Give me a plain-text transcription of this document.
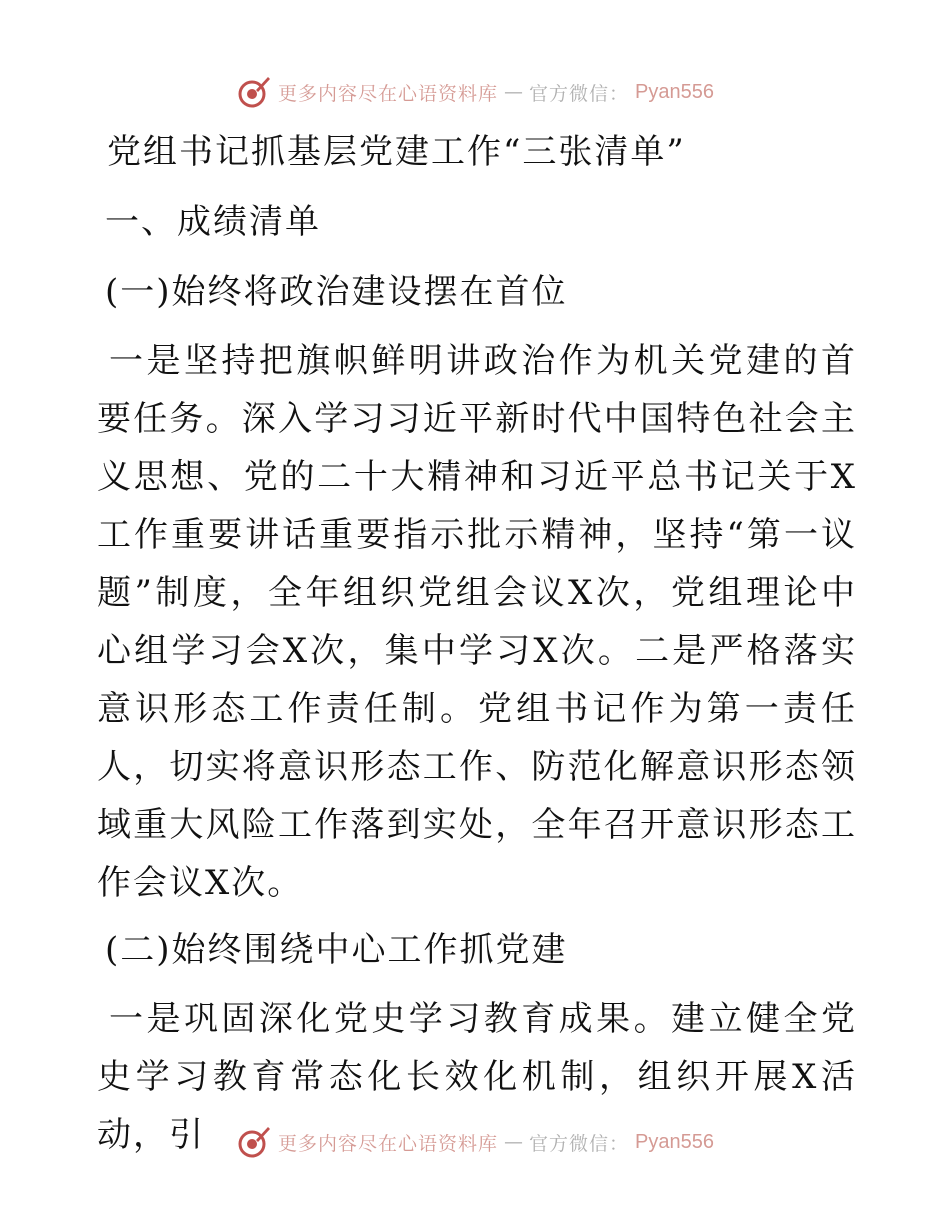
更多内容尽在心语资料库 — 官方微信： Pyan556
党组书记抓基层党建工作“三张清单”
一、成绩清单
(一)始终将政治建设摆在首位
一是坚持把旗帜鲜明讲政治作为机关党建的首要任务。深入学习习近平新时代中国特色社会主义思想、党的二十大精神和习近平总书记关于X工作重要讲话重要指示批示精神，坚持“第一议题”制度，全年组织党组会议X次，党组理论中心组学习会X次，集中学习X次。二是严格落实意识形态工作责任制。党组书记作为第一责任人，切实将意识形态工作、防范化解意识形态领域重大风险工作落到实处，全年召开意识形态工作会议X次。
(二)始终围绕中心工作抓党建
一是巩固深化党史学习教育成果。建立健全党史学习教育常态化长效化机制，组织开展X活动，引	更多内容尽在心语资料库 — 官方微信： Pyan556
